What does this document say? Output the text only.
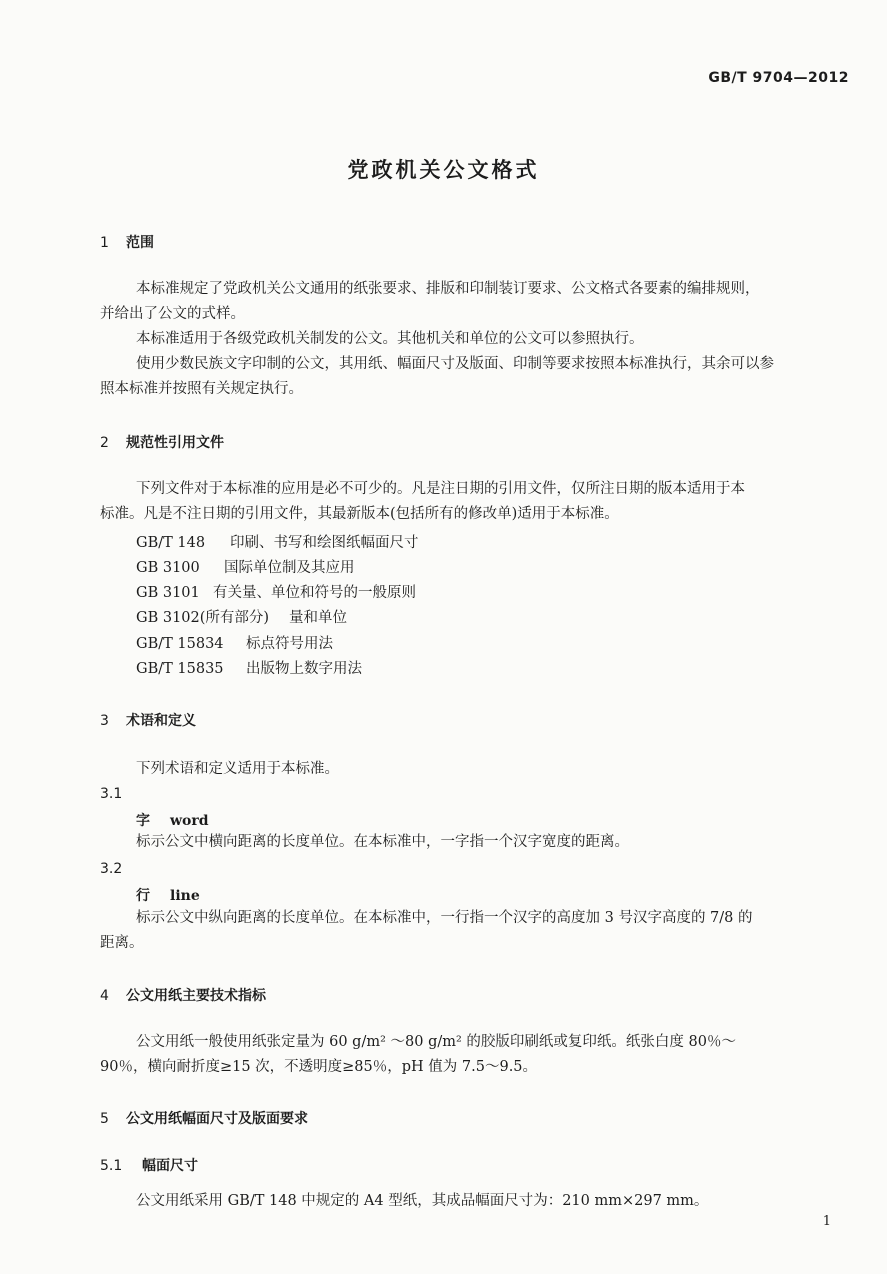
GB/T 9704—2012
党政机关公文格式
1 范围
本标准规定了党政机关公文通用的纸张要求、排版和印制装订要求、公文格式各要素的编排规则，
并给出了公文的式样。
本标准适用于各级党政机关制发的公文。其他机关和单位的公文可以参照执行。
使用少数民族文字印制的公文，其用纸、幅面尺寸及版面、印制等要求按照本标准执行，其余可以参
照本标准并按照有关规定执行。
2 规范性引用文件
下列文件对于本标准的应用是必不可少的。凡是注日期的引用文件，仅所注日期的版本适用于本
标准。凡是不注日期的引用文件，其最新版本(包括所有的修改单)适用于本标准。
GB/T 148 印刷、书写和绘图纸幅面尺寸
GB 3100 国际单位制及其应用
GB 3101 有关量、单位和符号的一般原则
GB 3102(所有部分) 量和单位
GB/T 15834 标点符号用法
GB/T 15835 出版物上数字用法
3 术语和定义
下列术语和定义适用于本标准。
3.1
字 word
标示公文中横向距离的长度单位。在本标准中，一字指一个汉字宽度的距离。
3.2
行 line
标示公文中纵向距离的长度单位。在本标准中，一行指一个汉字的高度加 3 号汉字高度的 7/8 的
距离。
4 公文用纸主要技术指标
公文用纸一般使用纸张定量为 60 g/m² ～80 g/m² 的胶版印刷纸或复印纸。纸张白度 80％～
90％，横向耐折度≥15 次，不透明度≥85％，pH 值为 7.5～9.5。
5 公文用纸幅面尺寸及版面要求
5.1 幅面尺寸
公文用纸采用 GB/T 148 中规定的 A4 型纸，其成品幅面尺寸为：210 mm×297 mm。
1
